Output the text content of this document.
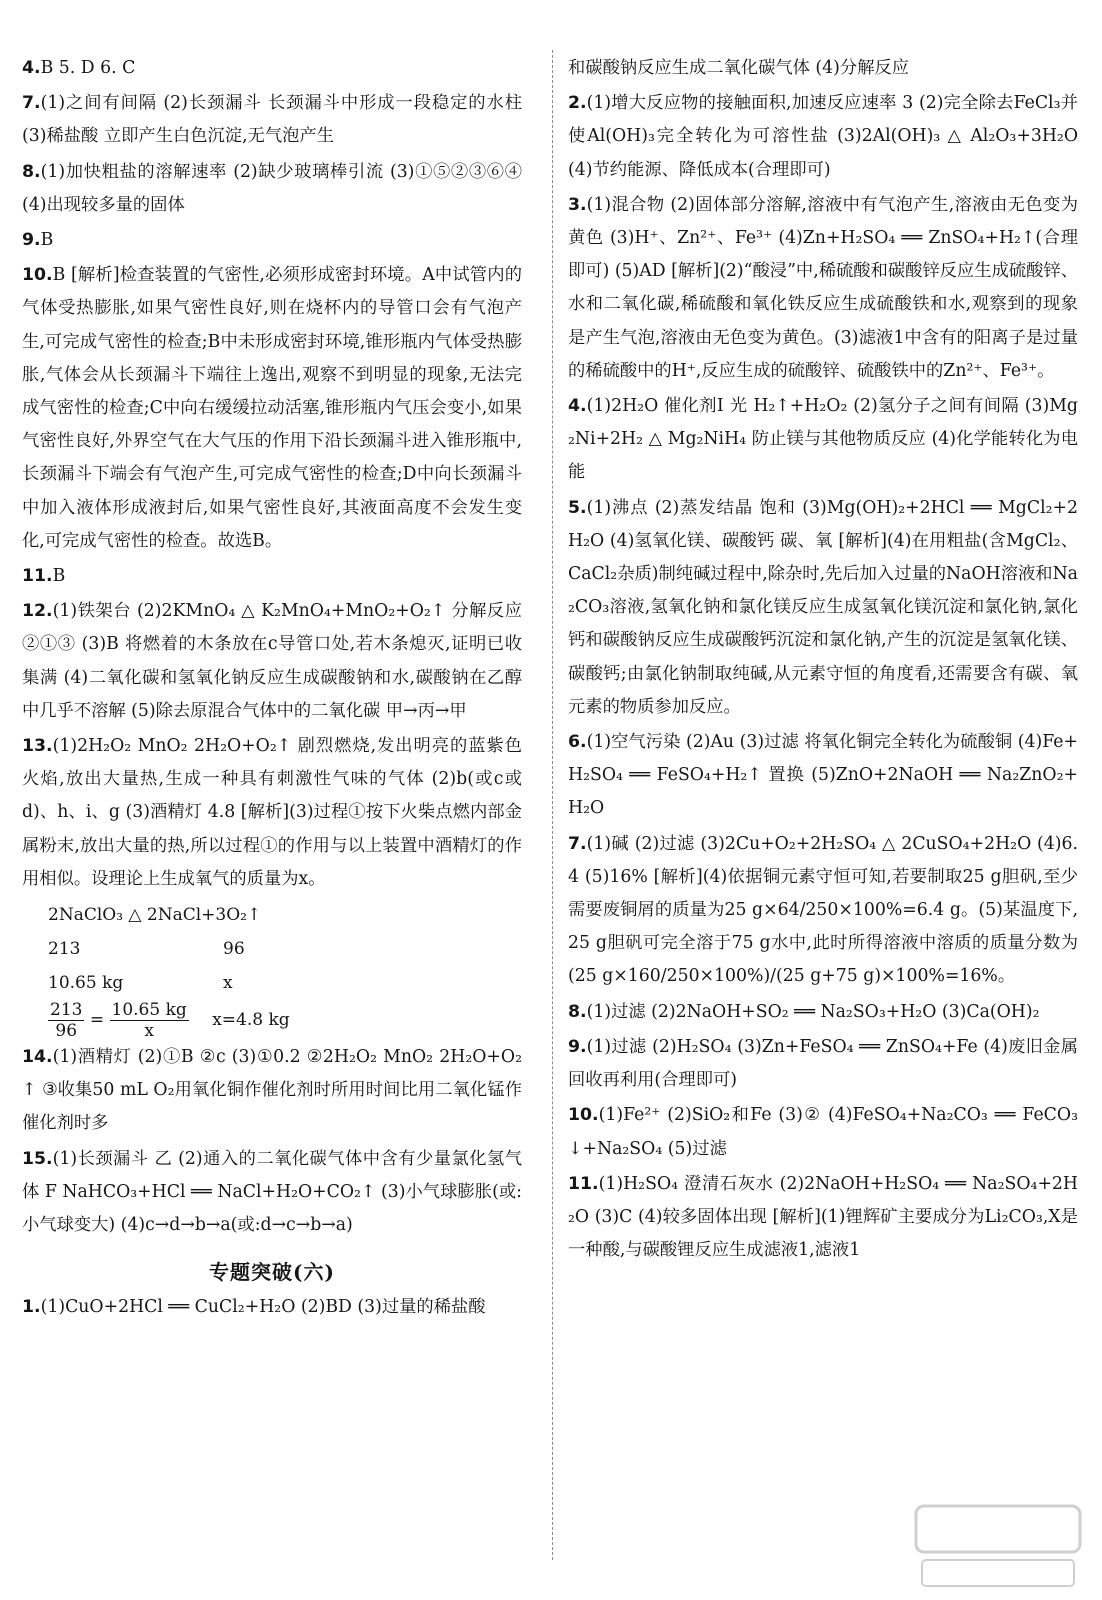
4.B 5. D 6. C
7.(1)之间有间隔 (2)长颈漏斗 长颈漏斗中形成一段稳定的水柱 (3)稀盐酸 立即产生白色沉淀,无气泡产生
8.(1)加快粗盐的溶解速率 (2)缺少玻璃棒引流 (3)①⑤②③⑥④ (4)出现较多量的固体
9.B
10.B [解析]检查装置的气密性,必须形成密封环境。A中试管内的气体受热膨胀,如果气密性良好,则在烧杯内的导管口会有气泡产生,可完成气密性的检查;B中未形成密封环境,锥形瓶内气体受热膨胀,气体会从长颈漏斗下端往上逸出,观察不到明显的现象,无法完成气密性的检查;C中向右缓缓拉动活塞,锥形瓶内气压会变小,如果气密性良好,外界空气在大气压的作用下沿长颈漏斗进入锥形瓶中,长颈漏斗下端会有气泡产生,可完成气密性的检查;D中向长颈漏斗中加入液体形成液封后,如果气密性良好,其液面高度不会发生变化,可完成气密性的检查。故选B。
11.B
12.(1)铁架台 (2)2KMnO₄ △ K₂MnO₄+MnO₂+O₂↑ 分解反应 ②①③ (3)B 将燃着的木条放在c导管口处,若木条熄灭,证明已收集满 (4)二氧化碳和氢氧化钠反应生成碳酸钠和水,碳酸钠在乙醇中几乎不溶解 (5)除去原混合气体中的二氧化碳 甲→丙→甲
13.(1)2H₂O₂ MnO₂ 2H₂O+O₂↑ 剧烈燃烧,发出明亮的蓝紫色火焰,放出大量热,生成一种具有刺激性气味的气体 (2)b(或c或d)、h、i、g (3)酒精灯 4.8 [解析](3)过程①按下火柴点燃内部金属粉末,放出大量的热,所以过程①的作用与以上装置中酒精灯的作用相似。设理论上生成氧气的质量为x。
2NaClO₃ △ 2NaCl+3O₂↑
213	96
10.65 kg	x
$\frac{213}{96} = \frac{10.65 kg}{x} x=4.8$ kg
14.(1)酒精灯 (2)①B ②c (3)①0.2 ②2H₂O₂ MnO₂ 2H₂O+O₂↑ ③收集50 mL O₂用氧化铜作催化剂时所用时间比用二氧化锰作催化剂时多
15.(1)长颈漏斗 乙 (2)通入的二氧化碳气体中含有少量氯化氢气体 F NaHCO₃+HCl ══ NaCl+H₂O+CO₂↑ (3)小气球膨胀(或:小气球变大) (4)c→d→b→a(或:d→c→b→a)
专题突破(六)
1.(1)CuO+2HCl ══ CuCl₂+H₂O (2)BD (3)过量的稀盐酸
和碳酸钠反应生成二氧化碳气体 (4)分解反应
2.(1)增大反应物的接触面积,加速反应速率 3 (2)完全除去FeCl₃并使Al(OH)₃完全转化为可溶性盐 (3)2Al(OH)₃ △ Al₂O₃+3H₂O (4)节约能源、降低成本(合理即可)
3.(1)混合物 (2)固体部分溶解,溶液中有气泡产生,溶液由无色变为黄色 (3)H⁺、Zn²⁺、Fe³⁺ (4)Zn+H₂SO₄ ══ ZnSO₄+H₂↑(合理即可) (5)AD [解析](2)“酸浸”中,稀硫酸和碳酸锌反应生成硫酸锌、水和二氧化碳,稀硫酸和氧化铁反应生成硫酸铁和水,观察到的现象是产生气泡,溶液由无色变为黄色。(3)滤液1中含有的阳离子是过量的稀硫酸中的H⁺,反应生成的硫酸锌、硫酸铁中的Zn²⁺、Fe³⁺。
4.(1)2H₂O 催化剂Ⅰ 光 H₂↑+H₂O₂ (2)氢分子之间有间隔 (3)Mg₂Ni+2H₂ △ Mg₂NiH₄ 防止镁与其他物质反应 (4)化学能转化为电能
5.(1)沸点 (2)蒸发结晶 饱和 (3)Mg(OH)₂+2HCl ══ MgCl₂+2H₂O (4)氢氧化镁、碳酸钙 碳、氧 [解析](4)在用粗盐(含MgCl₂、CaCl₂杂质)制纯碱过程中,除杂时,先后加入过量的NaOH溶液和Na₂CO₃溶液,氢氧化钠和氯化镁反应生成氢氧化镁沉淀和氯化钠,氯化钙和碳酸钠反应生成碳酸钙沉淀和氯化钠,产生的沉淀是氢氧化镁、碳酸钙;由氯化钠制取纯碱,从元素守恒的角度看,还需要含有碳、氧元素的物质参加反应。
6.(1)空气污染 (2)Au (3)过滤 将氧化铜完全转化为硫酸铜 (4)Fe+H₂SO₄ ══ FeSO₄+H₂↑ 置换 (5)ZnO+2NaOH ══ Na₂ZnO₂+H₂O
7.(1)碱 (2)过滤 (3)2Cu+O₂+2H₂SO₄ △ 2CuSO₄+2H₂O (4)6.4 (5)16% [解析](4)依据铜元素守恒可知,若要制取25 g胆矾,至少需要废铜屑的质量为25 g×64/250×100%=6.4 g。(5)某温度下,25 g胆矾可完全溶于75 g水中,此时所得溶液中溶质的质量分数为(25 g×160/250×100%)/(25 g+75 g)×100%=16%。
8.(1)过滤 (2)2NaOH+SO₂ ══ Na₂SO₃+H₂O (3)Ca(OH)₂
9.(1)过滤 (2)H₂SO₄ (3)Zn+FeSO₄ ══ ZnSO₄+Fe (4)废旧金属回收再利用(合理即可)
10.(1)Fe²⁺ (2)SiO₂和Fe (3)② (4)FeSO₄+Na₂CO₃ ══ FeCO₃↓+Na₂SO₄ (5)过滤
11.(1)H₂SO₄ 澄清石灰水 (2)2NaOH+H₂SO₄ ══ Na₂SO₄+2H₂O (3)C (4)较多固体出现 [解析](1)锂辉矿主要成分为Li₂CO₃,X是一种酸,与碳酸锂反应生成滤液1,滤液1
